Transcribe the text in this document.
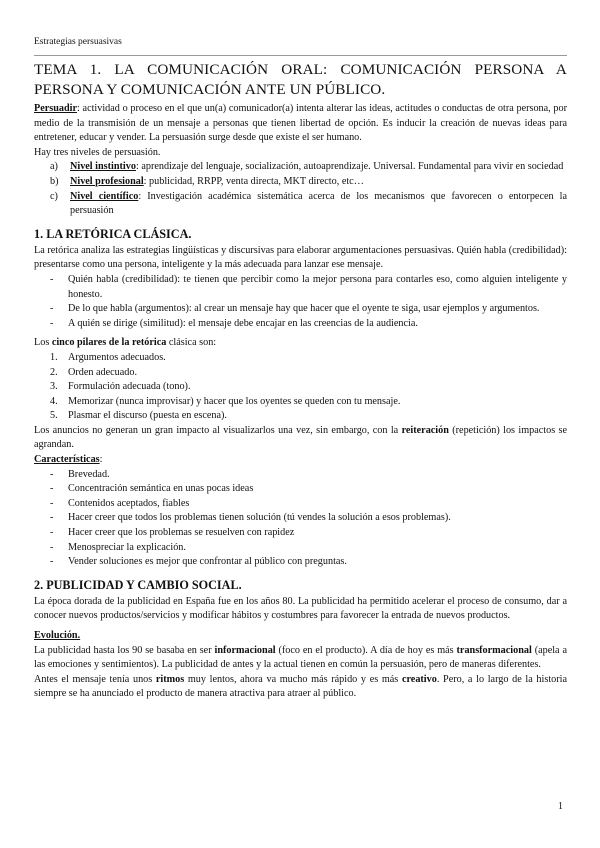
Estrategias persuasivas
TEMA 1. LA COMUNICACIÓN ORAL: COMUNICACIÓN PERSONA A PERSONA Y COMUNICACIÓN ANTE UN PÚBLICO.

Persuadir: actividad o proceso en el que un(a) comunicador(a) intenta alterar las ideas, actitudes o conductas de otra persona, por medio de la transmisión de un mensaje a personas que tienen libertad de opción. Es inducir la creación de nuevas ideas para entretener, educar y vender. La persuasión surge desde que existe el ser humano.

Hay tres niveles de persuasión.

a) Nivel instintivo: aprendizaje del lenguaje, socialización, autoaprendizaje. Universal. Fundamental para vivir en sociedad
b) Nivel profesional: publicidad, RRPP, venta directa, MKT directo, etc…
c) Nivel científico: Investigación académica sistemática acerca de los mecanismos que favorecen o entorpecen la persuasión
1. LA RETÓRICA CLÁSICA.

La retórica analiza las estrategias lingüísticas y discursivas para elaborar argumentaciones persuasivas. Quién habla (credibilidad): presentarse como una persona, inteligente y la más adecuada para lanzar ese mensaje.

- Quién habla (credibilidad): te tienen que percibir como la mejor persona para contarles eso, como alguien inteligente y honesto.
- De lo que habla (argumentos): al crear un mensaje hay que hacer que el oyente te siga, usar ejemplos y argumentos.
- A quién se dirige (similitud): el mensaje debe encajar en las creencias de la audiencia.

Los cinco pilares de la retórica clásica son:

1. Argumentos adecuados.
2. Orden adecuado.
3. Formulación adecuada (tono).
4. Memorizar (nunca improvisar) y hacer que los oyentes se queden con tu mensaje.
5. Plasmar el discurso (puesta en escena).

Los anuncios no generan un gran impacto al visualizarlos una vez, sin embargo, con la reiteración (repetición) los impactos se agrandan.

Características:

- Brevedad.
- Concentración semántica en unas pocas ideas
- Contenidos aceptados, fiables
- Hacer creer que todos los problemas tienen solución (tú vendes la solución a esos problemas).
- Hacer creer que los problemas se resuelven con rapidez
- Menospreciar la explicación.
- Vender soluciones es mejor que confrontar al público con preguntas.
2. PUBLICIDAD Y CAMBIO SOCIAL.

La época dorada de la publicidad en España fue en los años 80. La publicidad ha permitido acelerar el proceso de consumo, dar a conocer nuevos productos/servicios y modificar hábitos y costumbres para favorecer la entrada de nuevos productos.

Evolución.

La publicidad hasta los 90 se basaba en ser informacional (foco en el producto). A día de hoy es más transformacional (apela a las emociones y sentimientos). La publicidad de antes y la actual tienen en común la persuasión, pero de maneras diferentes.

Antes el mensaje tenía unos ritmos muy lentos, ahora va mucho más rápido y es más creativo. Pero, a lo largo de la historia siempre se ha anunciado el producto de manera atractiva para atraer al público.

1
